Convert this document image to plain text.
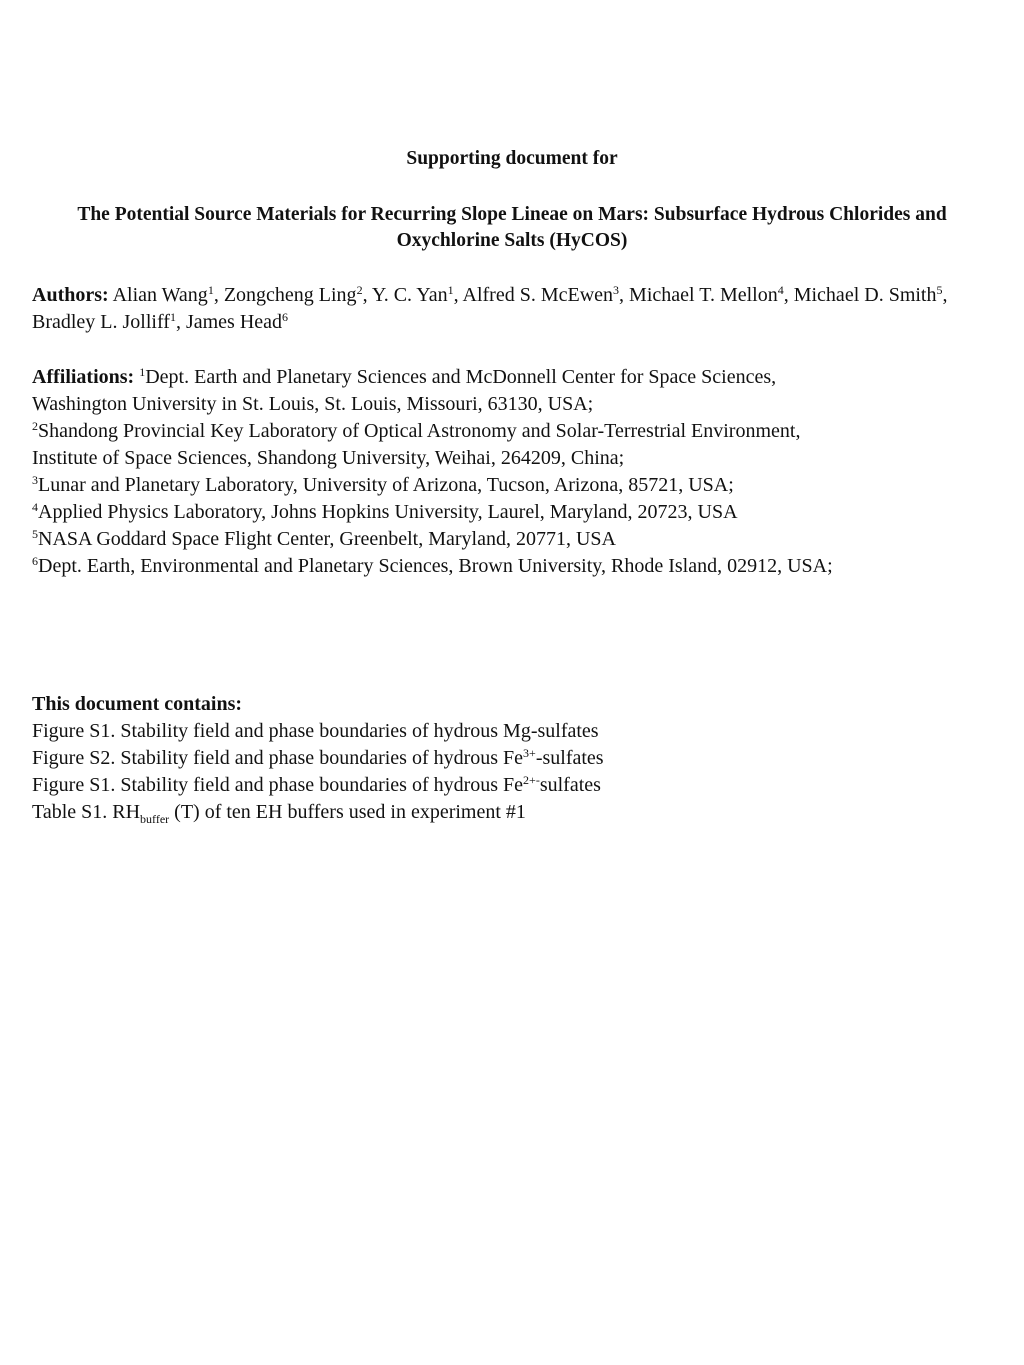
Supporting document for
The Potential Source Materials for Recurring Slope Lineae on Mars: Subsurface Hydrous Chlorides and Oxychlorine Salts (HyCOS)
Authors: Alian Wang$^1$, Zongcheng Ling$^2$, Y. C. Yan$^1$, Alfred S. McEwen$^3$, Michael T. Mellon$^4$, Michael D. Smith$^5$, Bradley L. Jolliff$^1$, James Head$^6$
Affiliations: $^1$Dept. Earth and Planetary Sciences and McDonnell Center for Space Sciences,
Washington University in St. Louis, St. Louis, Missouri, 63130, USA;
$^2$Shandong Provincial Key Laboratory of Optical Astronomy and Solar-Terrestrial Environment,
Institute of Space Sciences, Shandong University, Weihai, 264209, China;
$^3$Lunar and Planetary Laboratory, University of Arizona, Tucson, Arizona, 85721, USA;
$^4$Applied Physics Laboratory, Johns Hopkins University, Laurel, Maryland, 20723, USA
$^5$NASA Goddard Space Flight Center, Greenbelt, Maryland, 20771, USA
$^6$Dept. Earth, Environmental and Planetary Sciences, Brown University, Rhode Island, 02912, USA;
This document contains:
Figure S1. Stability field and phase boundaries of hydrous Mg-sulfates
Figure S2. Stability field and phase boundaries of hydrous $Fe^{3+}$-sulfates
Figure S1. Stability field and phase boundaries of hydrous $Fe^{2+-}sulfates$
Table S1. $RH_{buffer}$ (T) of ten EH buffers used in experiment #1
